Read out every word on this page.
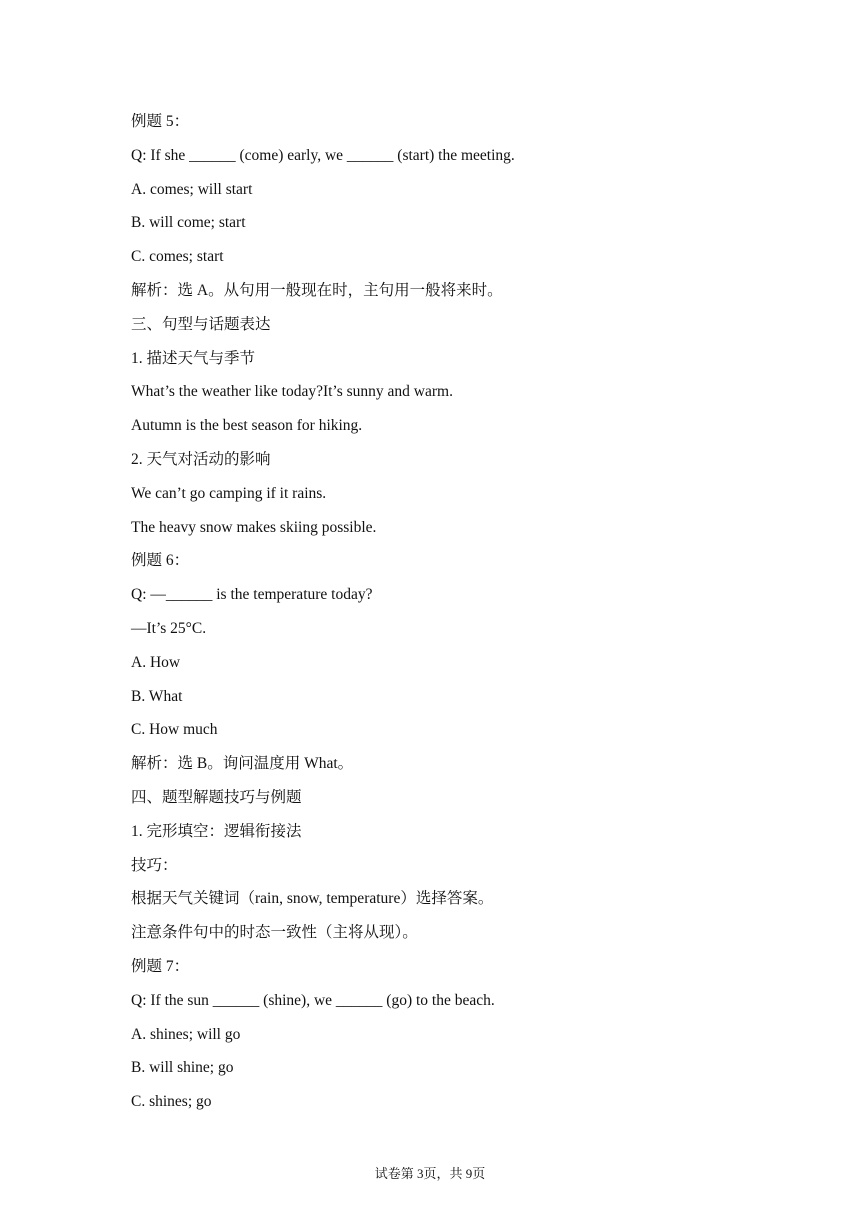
例题 5：
Q: If she ______ (come) early, we ______ (start) the meeting.
A. comes; will start
B. will come; start
C. comes; start
解析：选 A。从句用一般现在时，主句用一般将来时。
三、句型与话题表达
1. 描述天气与季节
What’s the weather like today?It’s sunny and warm.
Autumn is the best season for hiking.
2. 天气对活动的影响
We can’t go camping if it rains.
The heavy snow makes skiing possible.
例题 6：
Q: —______ is the temperature today?
—It’s 25°C.
A. How
B. What
C. How much
解析：选 B。询问温度用 What。
四、题型解题技巧与例题
1. 完形填空：逻辑衔接法
技巧：
根据天气关键词（rain, snow, temperature）选择答案。
注意条件句中的时态一致性（主将从现）。
例题 7：
Q: If the sun ______ (shine), we ______ (go) to the beach.
A. shines; will go
B. will shine; go
C. shines; go
试卷第 3页，共 9页
